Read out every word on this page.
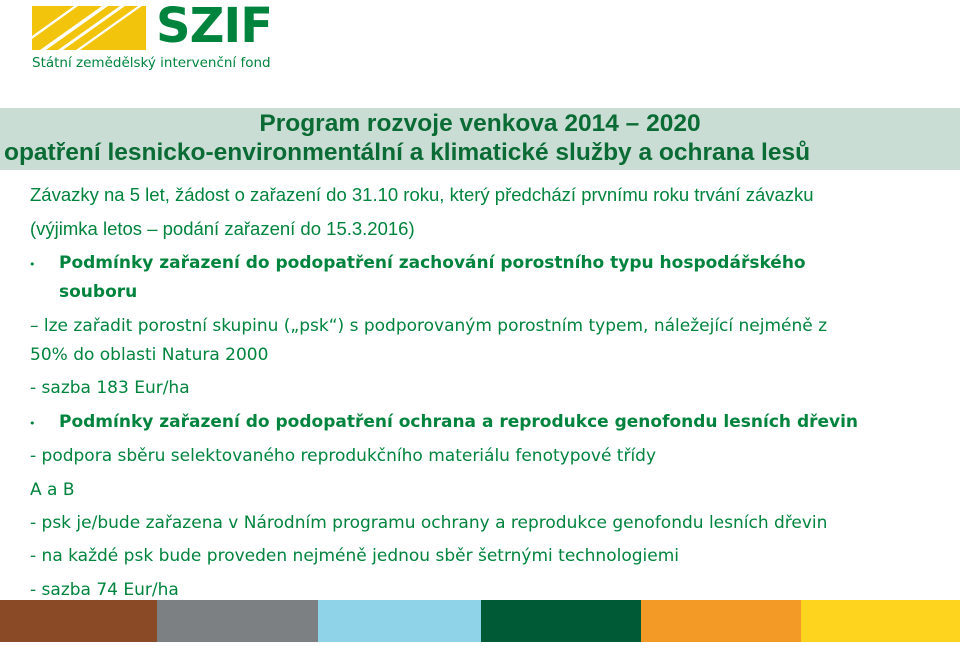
SZIF
Státní zemědělský intervenční fond
Program rozvoje venkova 2014 – 2020
opatření lesnicko-environmentální a klimatické služby a ochrana lesů
Závazky na 5 let, žádost o zařazení do 31.10 roku, který předchází prvnímu roku trvání závazku
(výjimka letos – podání zařazení do 15.3.2016)
• Podmínky zařazení do podopatření zachování porostního typu hospodářského
souboru
– lze zařadit porostní skupinu („psk“) s podporovaným porostním typem, náležející nejméně z
50% do oblasti Natura 2000
- sazba 183 Eur/ha
• Podmínky zařazení do podopatření ochrana a reprodukce genofondu lesních dřevin
- podpora sběru selektovaného reprodukčního materiálu fenotypové třídy
A a B
- psk je/bude zařazena v Národním programu ochrany a reprodukce genofondu lesních dřevin
- na každé psk bude proveden nejméně jednou sběr šetrnými technologiemi
- sazba 74 Eur/ha
